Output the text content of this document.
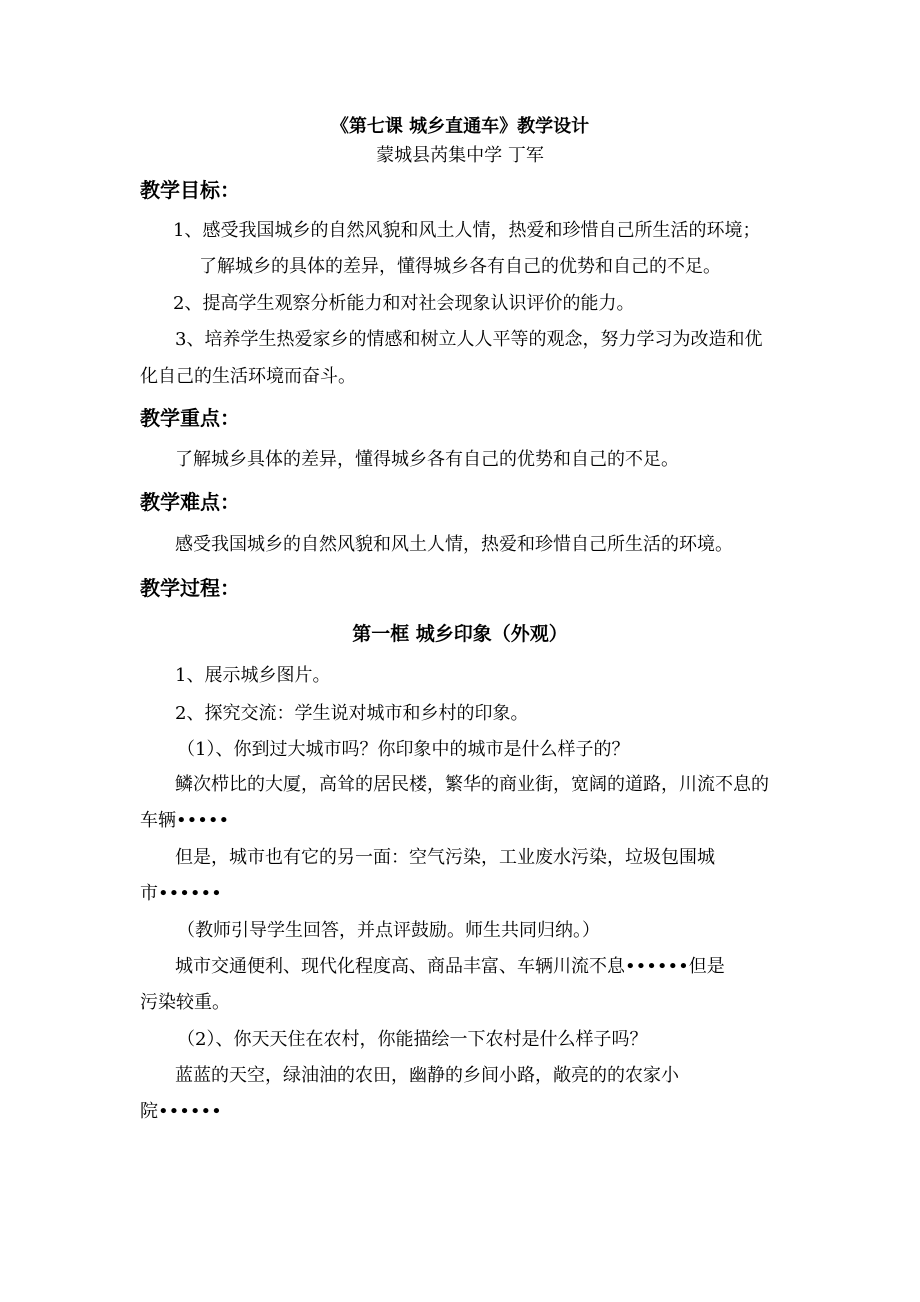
《第七课 城乡直通车》教学设计
蒙城县芮集中学 丁军
教学目标：
1、感受我国城乡的自然风貌和风土人情，热爱和珍惜自己所生活的环境；
了解城乡的具体的差异，懂得城乡各有自己的优势和自己的不足。
2、提高学生观察分析能力和对社会现象认识评价的能力。
3、培养学生热爱家乡的情感和树立人人平等的观念，努力学习为改造和优
化自己的生活环境而奋斗。
教学重点：
了解城乡具体的差异，懂得城乡各有自己的优势和自己的不足。
教学难点：
感受我国城乡的自然风貌和风土人情，热爱和珍惜自己所生活的环境。
教学过程：
第一框 城乡印象（外观）
1、展示城乡图片。
2、探究交流：学生说对城市和乡村的印象。
（1）、你到过大城市吗？你印象中的城市是什么样子的？
鳞次栉比的大厦，高耸的居民楼，繁华的商业街，宽阔的道路，川流不息的
车辆•••••
但是，城市也有它的另一面：空气污染，工业废水污染，垃圾包围城
市••••••
（教师引导学生回答，并点评鼓励。师生共同归纳。）
城市交通便利、现代化程度高、商品丰富、车辆川流不息••••••但是
污染较重。
（2）、你天天住在农村，你能描绘一下农村是什么样子吗？
蓝蓝的天空，绿油油的农田，幽静的乡间小路，敞亮的的农家小
院••••••
